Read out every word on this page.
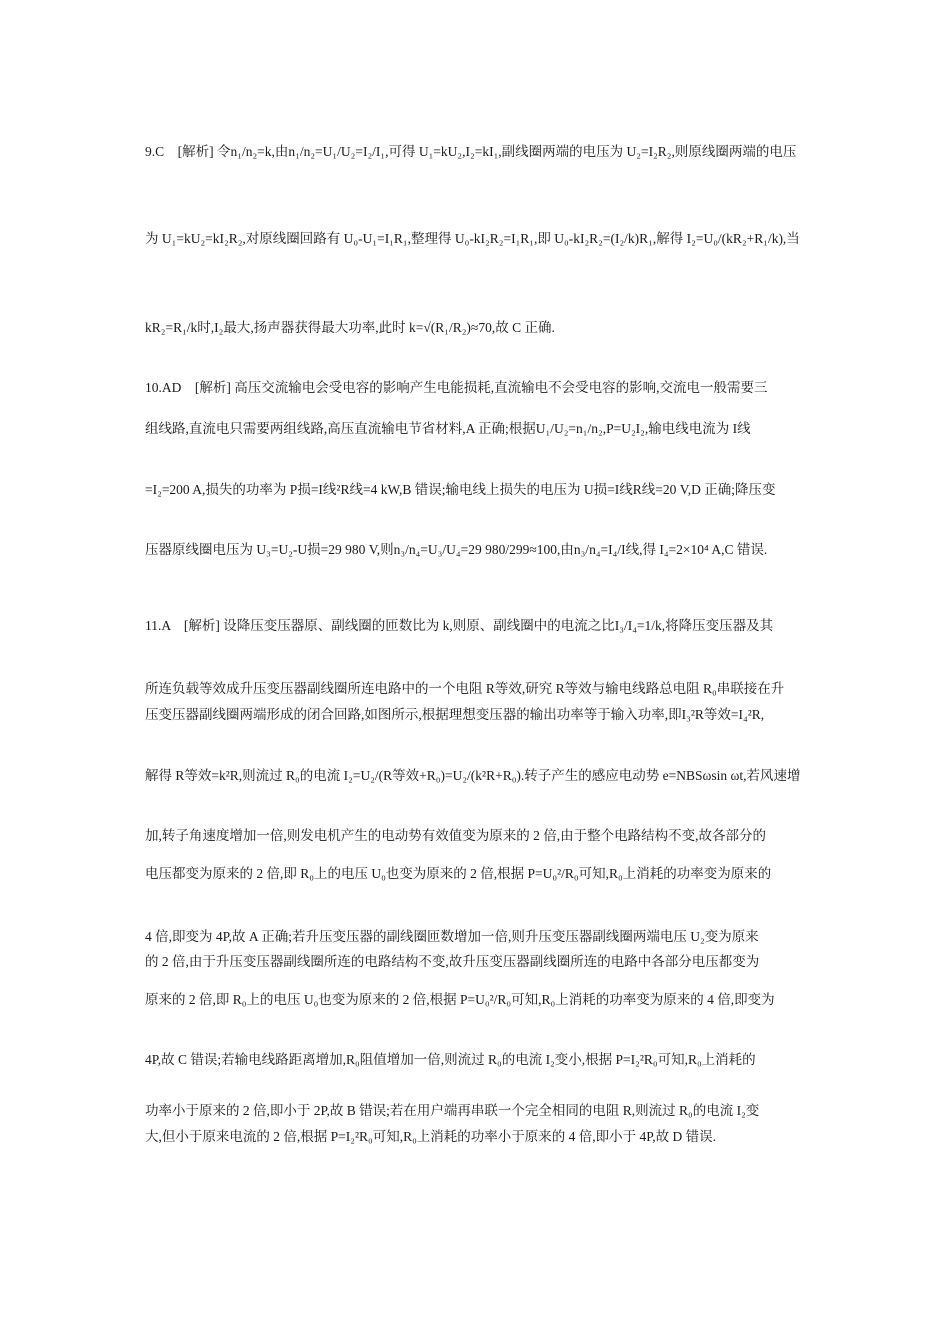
9.C　[解析] 令n₁/n₂=k,由n₁/n₂=U₁/U₂=I₂/I₁,可得 U₁=kU₂,I₂=kI₁,副线圈两端的电压为 U₂=I₂R₂,则原线圈两端的电压
为 U₁=kU₂=kI₂R₂,对原线圈回路有 U₀-U₁=I₁R₁,整理得 U₀-kI₂R₂=I₁R₁,即 U₀-kI₂R₂=(I₂/k)R₁,解得 I₂=U₀/(kR₂+R₁/k),当
kR₂=R₁/k时,I₂最大,扬声器获得最大功率,此时 k=√(R₁/R₂)≈70,故 C 正确.
10.AD　[解析] 高压交流输电会受电容的影响产生电能损耗,直流输电不会受电容的影响,交流电一般需要三
组线路,直流电只需要两组线路,高压直流输电节省材料,A 正确;根据U₁/U₂=n₁/n₂,P=U₂I₂,输电线电流为 I线
=I₂=200 A,损失的功率为 P损=I线²R线=4 kW,B 错误;输电线上损失的电压为 U损=I线R线=20 V,D 正确;降压变
压器原线圈电压为 U₃=U₂-U损=29 980 V,则n₃/n₄=U₃/U₄=29 980/299≈100,由n₃/n₄=I₄/I线,得 I₄=2×10⁴ A,C 错误.
11.A　[解析] 设降压变压器原、副线圈的匝数比为 k,则原、副线圈中的电流之比I₃/I₄=1/k,将降压变压器及其
所连负载等效成升压变压器副线圈所连电路中的一个电阻 R等效,研究 R等效与输电线路总电阻 R₀串联接在升
压变压器副线圈两端形成的闭合回路,如图所示,根据理想变压器的输出功率等于输入功率,即I₃²R等效=I₄²R,
解得 R等效=k²R,则流过 R₀的电流 I₂=U₂/(R等效+R₀)=U₂/(k²R+R₀).转子产生的感应电动势 e=NBSωsin ωt,若风速增
加,转子角速度增加一倍,则发电机产生的电动势有效值变为原来的 2 倍,由于整个电路结构不变,故各部分的
电压都变为原来的 2 倍,即 R₀上的电压 U₀也变为原来的 2 倍,根据 P=U₀²/R₀可知,R₀上消耗的功率变为原来的
4 倍,即变为 4P,故 A 正确;若升压变压器的副线圈匝数增加一倍,则升压变压器副线圈两端电压 U₂变为原来
的 2 倍,由于升压变压器副线圈所连的电路结构不变,故升压变压器副线圈所连的电路中各部分电压都变为
原来的 2 倍,即 R₀上的电压 U₀也变为原来的 2 倍,根据 P=U₀²/R₀可知,R₀上消耗的功率变为原来的 4 倍,即变为
4P,故 C 错误;若输电线路距离增加,R₀阻值增加一倍,则流过 R₀的电流 I₂变小,根据 P=I₂²R₀可知,R₀上消耗的
功率小于原来的 2 倍,即小于 2P,故 B 错误;若在用户端再串联一个完全相同的电阻 R,则流过 R₀的电流 I₂变
大,但小于原来电流的 2 倍,根据 P=I₂²R₀可知,R₀上消耗的功率小于原来的 4 倍,即小于 4P,故 D 错误.
